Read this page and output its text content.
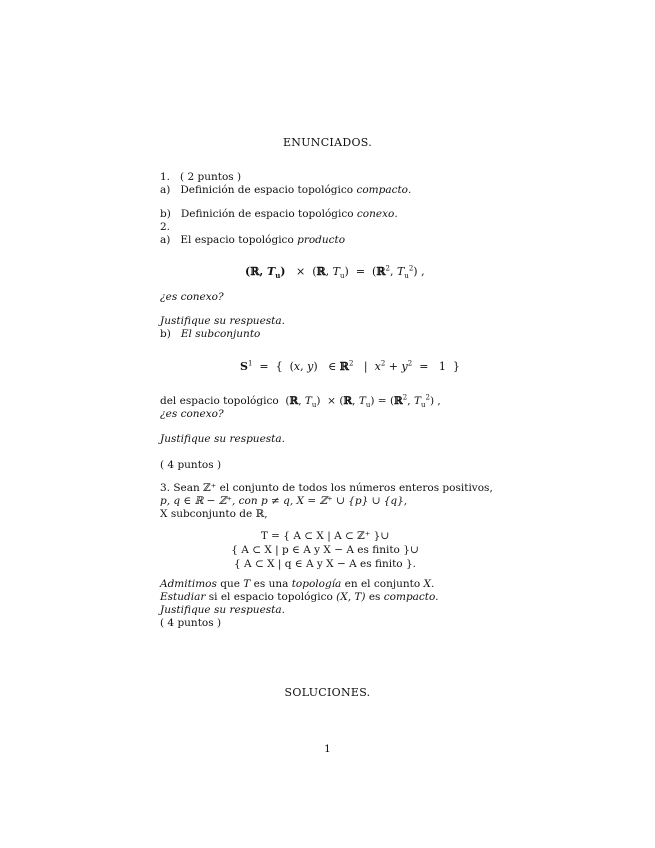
ENUNCIADOS.
1. ( 2 puntos )
a) Definición de espacio topológico compacto.
b) Definición de espacio topológico conexo.
2.
a) El espacio topológico producto
(ℝ, $T_u$)   ×  (ℝ, $T_u$)  =  (ℝ$^2$, $T_u^2$) ,
¿es conexo?
Justifique su respuesta.
b) El subconjunto
$S^1$  =  {  (x, y)   ∈ ℝ$^2$   |  $x^2 + y^2 = 1$  }
del espacio topológico  (ℝ, $T_u$)  × (ℝ, $T_u$) = (ℝ$^2$, $T_u^2$) ,
¿es conexo?
Justifique su respuesta.
( 4 puntos )
3. Sean ℤ⁺ el conjunto de todos los números enteros positivos,
p, q ∈ ℝ − ℤ⁺, con p ≠ q, X = ℤ⁺ ∪ {p} ∪ {q},
X subconjunto de ℝ,
T = { A ⊂ X | A ⊂ ℤ⁺ }∪
{ A ⊂ X | p ∈ A y X − A es finito }∪
{ A ⊂ X | q ∈ A y X − A es finito }.
Admitimos que T es una topología en el conjunto X.
Estudiar si el espacio topológico (X, T) es compacto.
Justifique su respuesta.
( 4 puntos )
SOLUCIONES.
1
